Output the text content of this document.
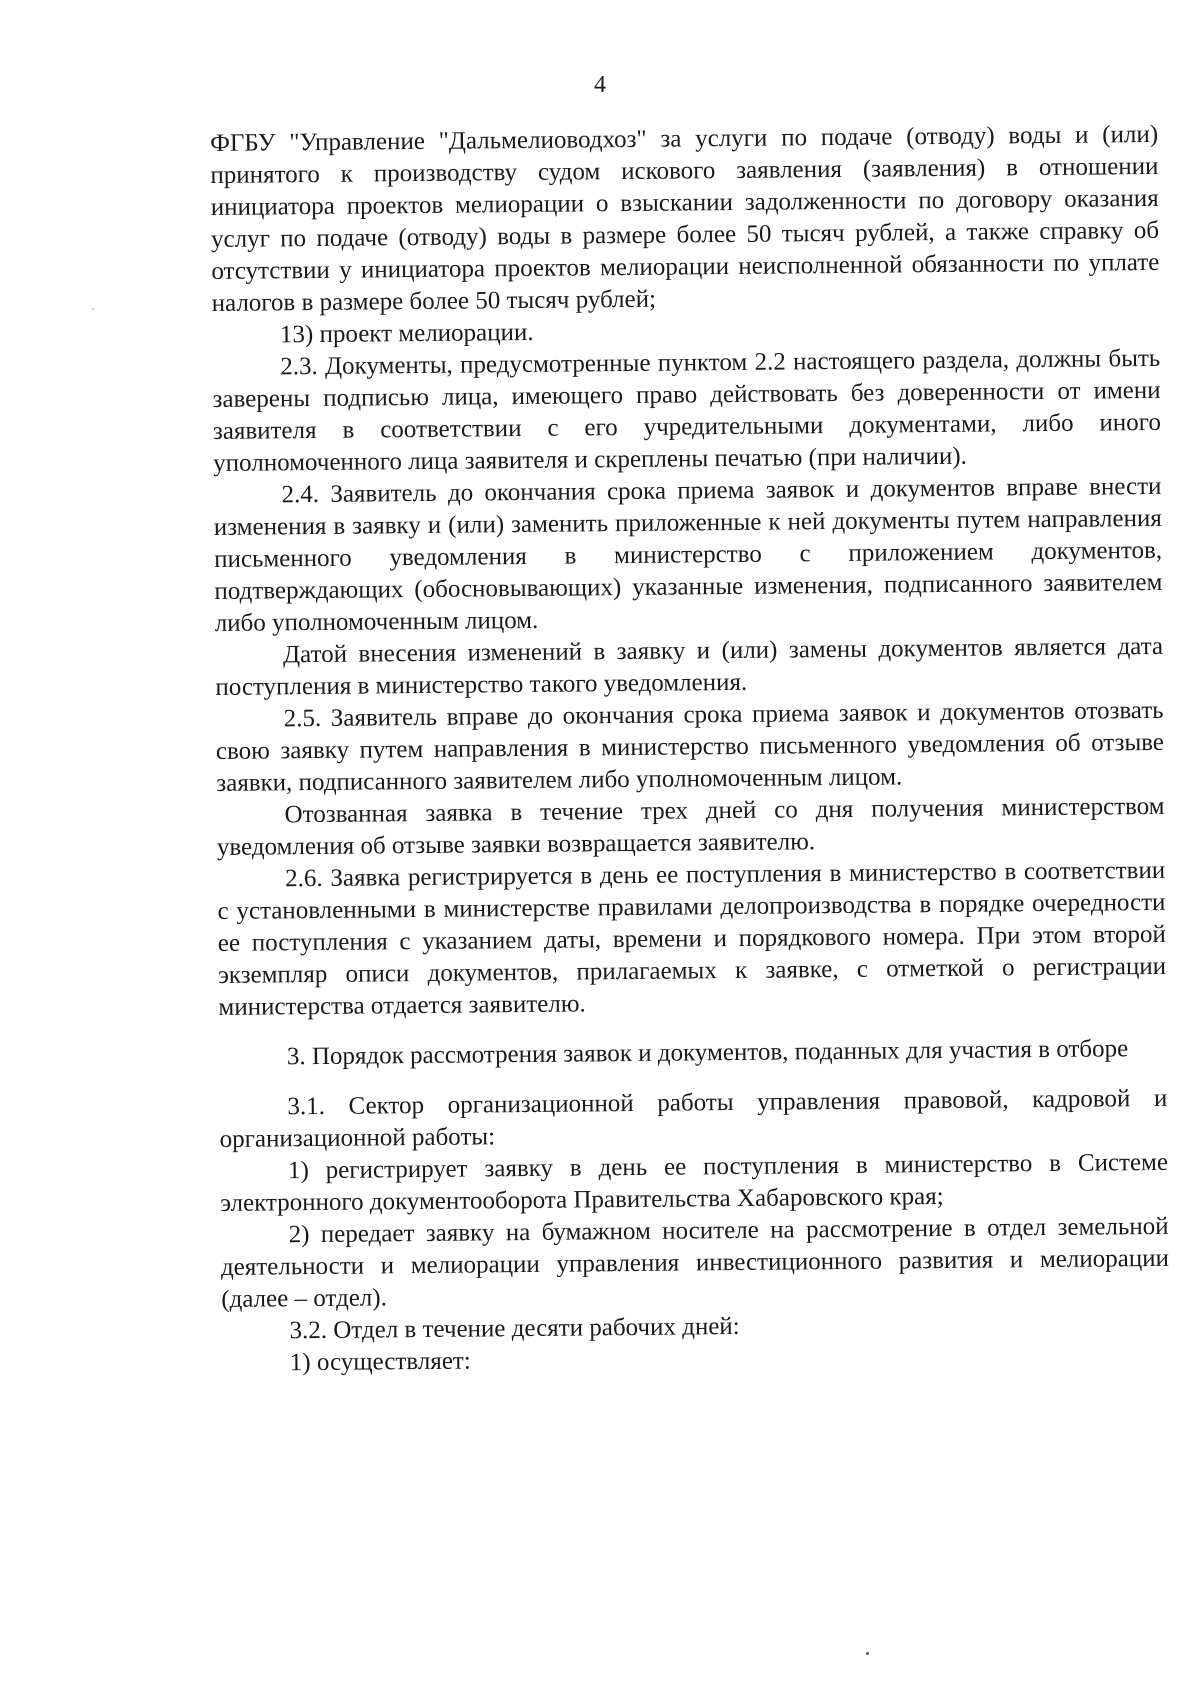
4

ФГБУ "Управление "Дальмелиоводхоз" за услуги по подаче (отводу) воды и (или) принятого к производству судом искового заявления (заявления) в отношении инициатора проектов мелиорации о взыскании задолженности по договору оказания услуг по подаче (отводу) воды в размере более 50 тысяч рублей, а также справку об отсутствии у инициатора проектов мелиорации неисполненной обязанности по уплате налогов в размере более 50 тысяч рублей;

13) проект мелиорации.

2.3. Документы, предусмотренные пунктом 2.2 настоящего раздела, должны быть заверены подписью лица, имеющего право действовать без доверенности от имени заявителя в соответствии с его учредительными документами, либо иного уполномоченного лица заявителя и скреплены печатью (при наличии).

2.4. Заявитель до окончания срока приема заявок и документов вправе внести изменения в заявку и (или) заменить приложенные к ней документы путем направления письменного уведомления в министерство с приложением документов, подтверждающих (обосновывающих) указанные изменения, подписанного заявителем либо уполномоченным лицом.

Датой внесения изменений в заявку и (или) замены документов является дата поступления в министерство такого уведомления.

2.5. Заявитель вправе до окончания срока приема заявок и документов отозвать свою заявку путем направления в министерство письменного уведомления об отзыве заявки, подписанного заявителем либо уполномоченным лицом.

Отозванная заявка в течение трех дней со дня получения министерством уведомления об отзыве заявки возвращается заявителю.

2.6. Заявка регистрируется в день ее поступления в министерство в соответствии с установленными в министерстве правилами делопроизводства в порядке очередности ее поступления с указанием даты, времени и порядкового номера. При этом второй экземпляр описи документов, прилагаемых к заявке, с отметкой о регистрации министерства отдается заявителю.

3. Порядок рассмотрения заявок и документов, поданных для участия в отборе

3.1. Сектор организационной работы управления правовой, кадровой и организационной работы:

1) регистрирует заявку в день ее поступления в министерство в Системе электронного документооборота Правительства Хабаровского края;

2) передает заявку на бумажном носителе на рассмотрение в отдел земельной деятельности и мелиорации управления инвестиционного развития и мелиорации (далее – отдел).

3.2. Отдел в течение десяти рабочих дней:

1) осуществляет:
